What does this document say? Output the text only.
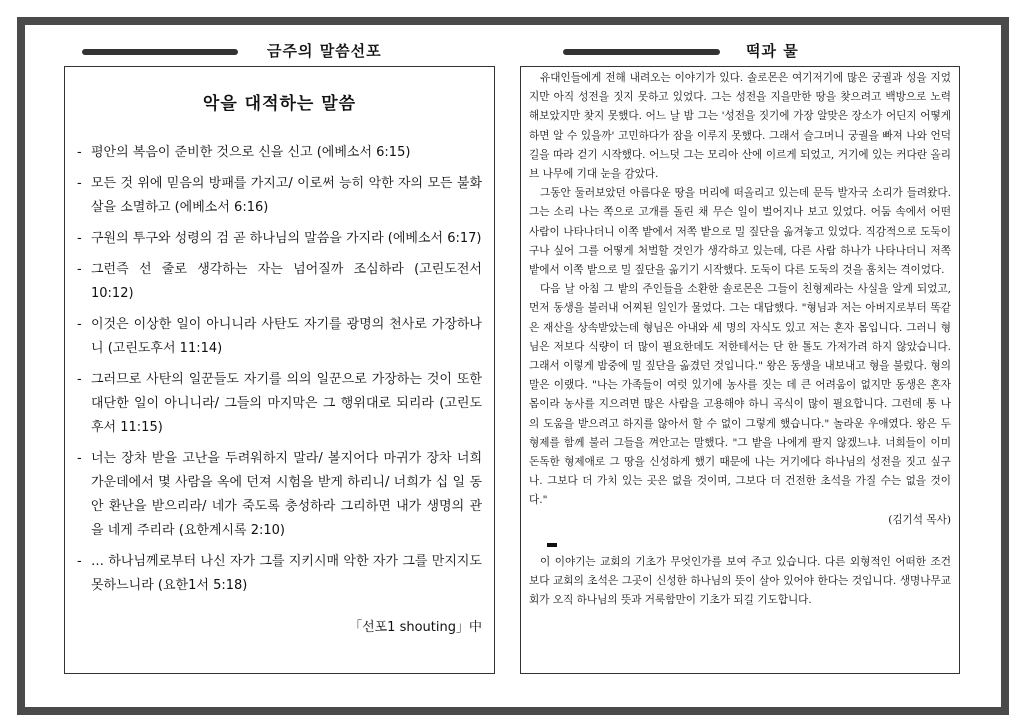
금주의 말씀선포	떡과 물
악을 대적하는 말씀
- 평안의 복음이 준비한 것으로 신을 신고 (에베소서 6:15)
- 모든 것 위에 믿음의 방패를 가지고/ 이로써 능히 악한 자의 모든 불화살을 소멸하고 (에베소서 6:16)
- 구원의 투구와 성령의 검 곧 하나님의 말씀을 가지라 (에베소서 6:17)
- 그런즉 선 줄로 생각하는 자는 넘어질까 조심하라 (고린도전서 10:12)
- 이것은 이상한 일이 아니니라 사탄도 자기를 광명의 천사로 가장하나니 (고린도후서 11:14)
- 그러므로 사탄의 일꾼들도 자기를 의의 일꾼으로 가장하는 것이 또한 대단한 일이 아니니라/ 그들의 마지막은 그 행위대로 되리라 (고린도후서 11:15)
- 너는 장차 받을 고난을 두려워하지 말라/ 볼지어다 마귀가 장차 너희 가운데에서 몇 사람을 옥에 던져 시험을 받게 하리니/ 너희가 십 일 동안 환난을 받으리라/ 네가 죽도록 충성하라 그리하면 내가 생명의 관을 네게 주리라 (요한계시록 2:10)
- … 하나님께로부터 나신 자가 그를 지키시매 악한 자가 그를 만지지도 못하느니라 (요한1서 5:18)
「선포1 shouting」中

유대인들에게 전해 내려오는 이야기가 있다. 솔로몬은 여기저기에 많은 궁궐과 성을 지었지만 아직 성전을 짓지 못하고 있었다. 그는 성전을 지을만한 땅을 찾으려고 백방으로 노력해보았지만 찾지 못했다. 어느 날 밤 그는 '성전을 짓기에 가장 알맞은 장소가 어딘지 어떻게 하면 알 수 있을까' 고민하다가 잠을 이루지 못했다. 그래서 슬그머니 궁궐을 빠져 나와 언덕길을 따라 걷기 시작했다. 어느덧 그는 모리아 산에 이르게 되었고, 거기에 있는 커다란 올리브 나무에 기대 눈을 감았다.

그동안 둘러보았던 아름다운 땅을 머리에 떠올리고 있는데 문득 발자국 소리가 들려왔다. 그는 소리 나는 쪽으로 고개를 돌린 채 무슨 일이 벌어지나 보고 있었다. 어둠 속에서 어떤 사람이 나타나더니 이쪽 밭에서 저쪽 밭으로 밀 짚단을 옮겨놓고 있었다. 직감적으로 도둑이구나 싶어 그를 어떻게 처벌할 것인가 생각하고 있는데, 다른 사람 하나가 나타나더니 저쪽 밭에서 이쪽 밭으로 밀 짚단을 옮기기 시작했다. 도둑이 다른 도둑의 것을 훔치는 격이었다.

다음 날 아침 그 밭의 주인들을 소환한 솔로몬은 그들이 친형제라는 사실을 알게 되었고, 먼저 동생을 불러내 어찌된 일인가 물었다. 그는 대답했다. "형님과 저는 아버지로부터 똑같은 재산을 상속받았는데 형님은 아내와 세 명의 자식도 있고 저는 혼자 몸입니다. 그러니 형님은 저보다 식량이 더 많이 필요한데도 저한테서는 단 한 톨도 가져가려 하지 않았습니다. 그래서 이렇게 밤중에 밀 짚단을 옮겼던 것입니다." 왕은 동생을 내보내고 형을 불렀다. 형의 말은 이랬다. "나는 가족들이 여럿 있기에 농사를 짓는 데 큰 어려움이 없지만 동생은 혼자 몸이라 농사를 지으려면 많은 사람을 고용해야 하니 곡식이 많이 필요합니다. 그런데 통 나의 도움을 받으려고 하지를 않아서 할 수 없이 그렇게 했습니다." 놀라운 우애였다. 왕은 두 형제를 함께 불러 그들을 껴안고는 말했다. "그 밭을 나에게 팔지 않겠느냐. 너희들이 이미 돈독한 형제애로 그 땅을 신성하게 했기 때문에 나는 거기에다 하나님의 성전을 짓고 싶구나. 그보다 더 가치 있는 곳은 없을 것이며, 그보다 더 건전한 초석을 가질 수는 없을 것이다."

(김기석 목사)

이 이야기는 교회의 기초가 무엇인가를 보여 주고 있습니다. 다른 외형적인 어떠한 조건 보다 교회의 초석은 그곳이 신성한 하나님의 뜻이 살아 있어야 한다는 것입니다. 생명나무교회가 오직 하나님의 뜻과 거룩함만이 기초가 되길 기도합니다.
